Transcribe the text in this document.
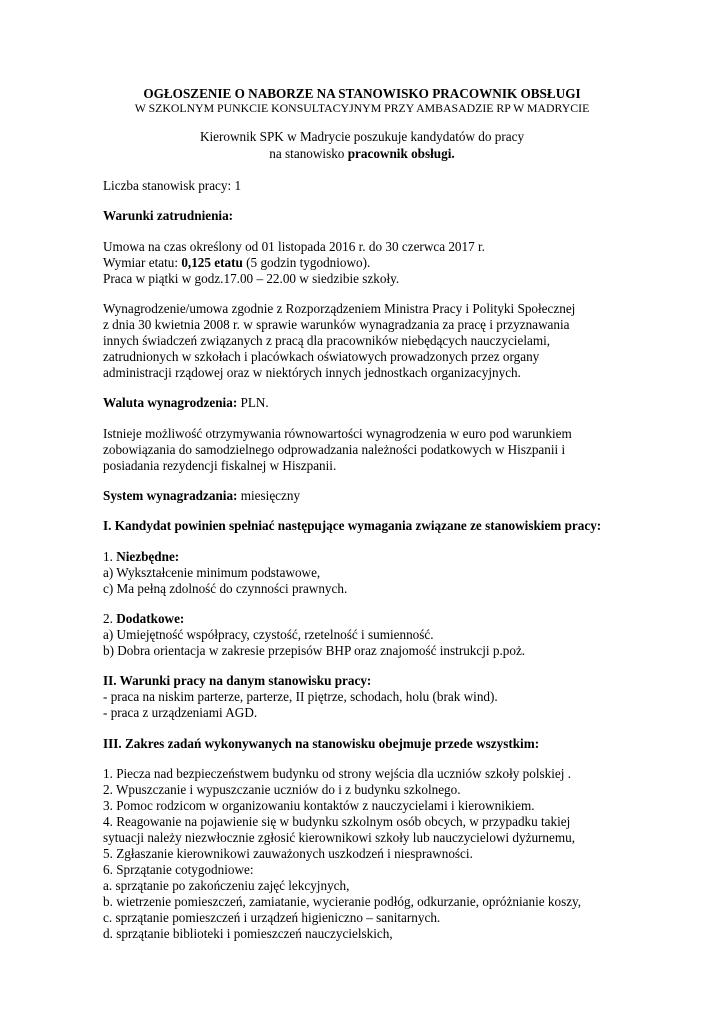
OGŁOSZENIE O NABORZE NA STANOWISKO PRACOWNIK OBSŁUGI
W SZKOLNYM PUNKCIE KONSULTACYJNYM PRZY AMBASADZIE RP W MADRYCIE
Kierownik SPK w Madrycie poszukuje kandydatów do pracy
na stanowisko pracownik obsługi.
Liczba stanowisk pracy: 1
Warunki zatrudnienia:
Umowa na czas określony od 01 listopada 2016 r. do 30 czerwca 2017 r.
Wymiar etatu: 0,125 etatu (5 godzin tygodniowo).
Praca w piątki w godz.17.00 – 22.00 w siedzibie szkoły.
Wynagrodzenie/umowa zgodnie z Rozporządzeniem Ministra Pracy i Polityki Społecznej
z dnia 30 kwietnia 2008 r. w sprawie warunków wynagradzania za pracę i przyznawania
innych świadczeń związanych z pracą dla pracowników niebędących nauczycielami,
zatrudnionych w szkołach i placówkach oświatowych prowadzonych przez organy
administracji rządowej oraz w niektórych innych jednostkach organizacyjnych.
Waluta wynagrodzenia: PLN.
Istnieje możliwość otrzymywania równowartości wynagrodzenia w euro pod warunkiem
zobowiązania do samodzielnego odprowadzania należności podatkowych w Hiszpanii i
posiadania rezydencji fiskalnej w Hiszpanii.
System wynagradzania: miesięczny
I. Kandydat powinien spełniać następujące wymagania związane ze stanowiskiem pracy:
1. Niezbędne:
a) Wykształcenie minimum podstawowe,
c) Ma pełną zdolność do czynności prawnych.
2. Dodatkowe:
a) Umiejętność współpracy, czystość, rzetelność i sumienność.
b) Dobra orientacja w zakresie przepisów BHP oraz znajomość instrukcji p.poż.
II. Warunki pracy na danym stanowisku pracy:
- praca na niskim parterze, parterze, II piętrze, schodach, holu (brak wind).
- praca z urządzeniami AGD.
III. Zakres zadań wykonywanych na stanowisku obejmuje przede wszystkim:
1. Piecza nad bezpieczeństwem budynku od strony wejścia dla uczniów szkoły polskiej .
2. Wpuszczanie i wypuszczanie uczniów do i z budynku szkolnego.
3. Pomoc rodzicom w organizowaniu kontaktów z nauczycielami i kierownikiem.
4. Reagowanie na pojawienie się w budynku szkolnym osób obcych, w przypadku takiej
sytuacji należy niezwłocznie zgłosić kierownikowi szkoły lub nauczycielowi dyżurnemu,
5. Zgłaszanie kierownikowi zauważonych uszkodzeń i niesprawności.
6. Sprzątanie cotygodniowe:
a. sprzątanie po zakończeniu zajęć lekcyjnych,
b. wietrzenie pomieszczeń, zamiatanie, wycieranie podłóg, odkurzanie, opróżnianie koszy,
c. sprzątanie pomieszczeń i urządzeń higieniczno – sanitarnych.
d. sprzątanie biblioteki i pomieszczeń nauczycielskich,
